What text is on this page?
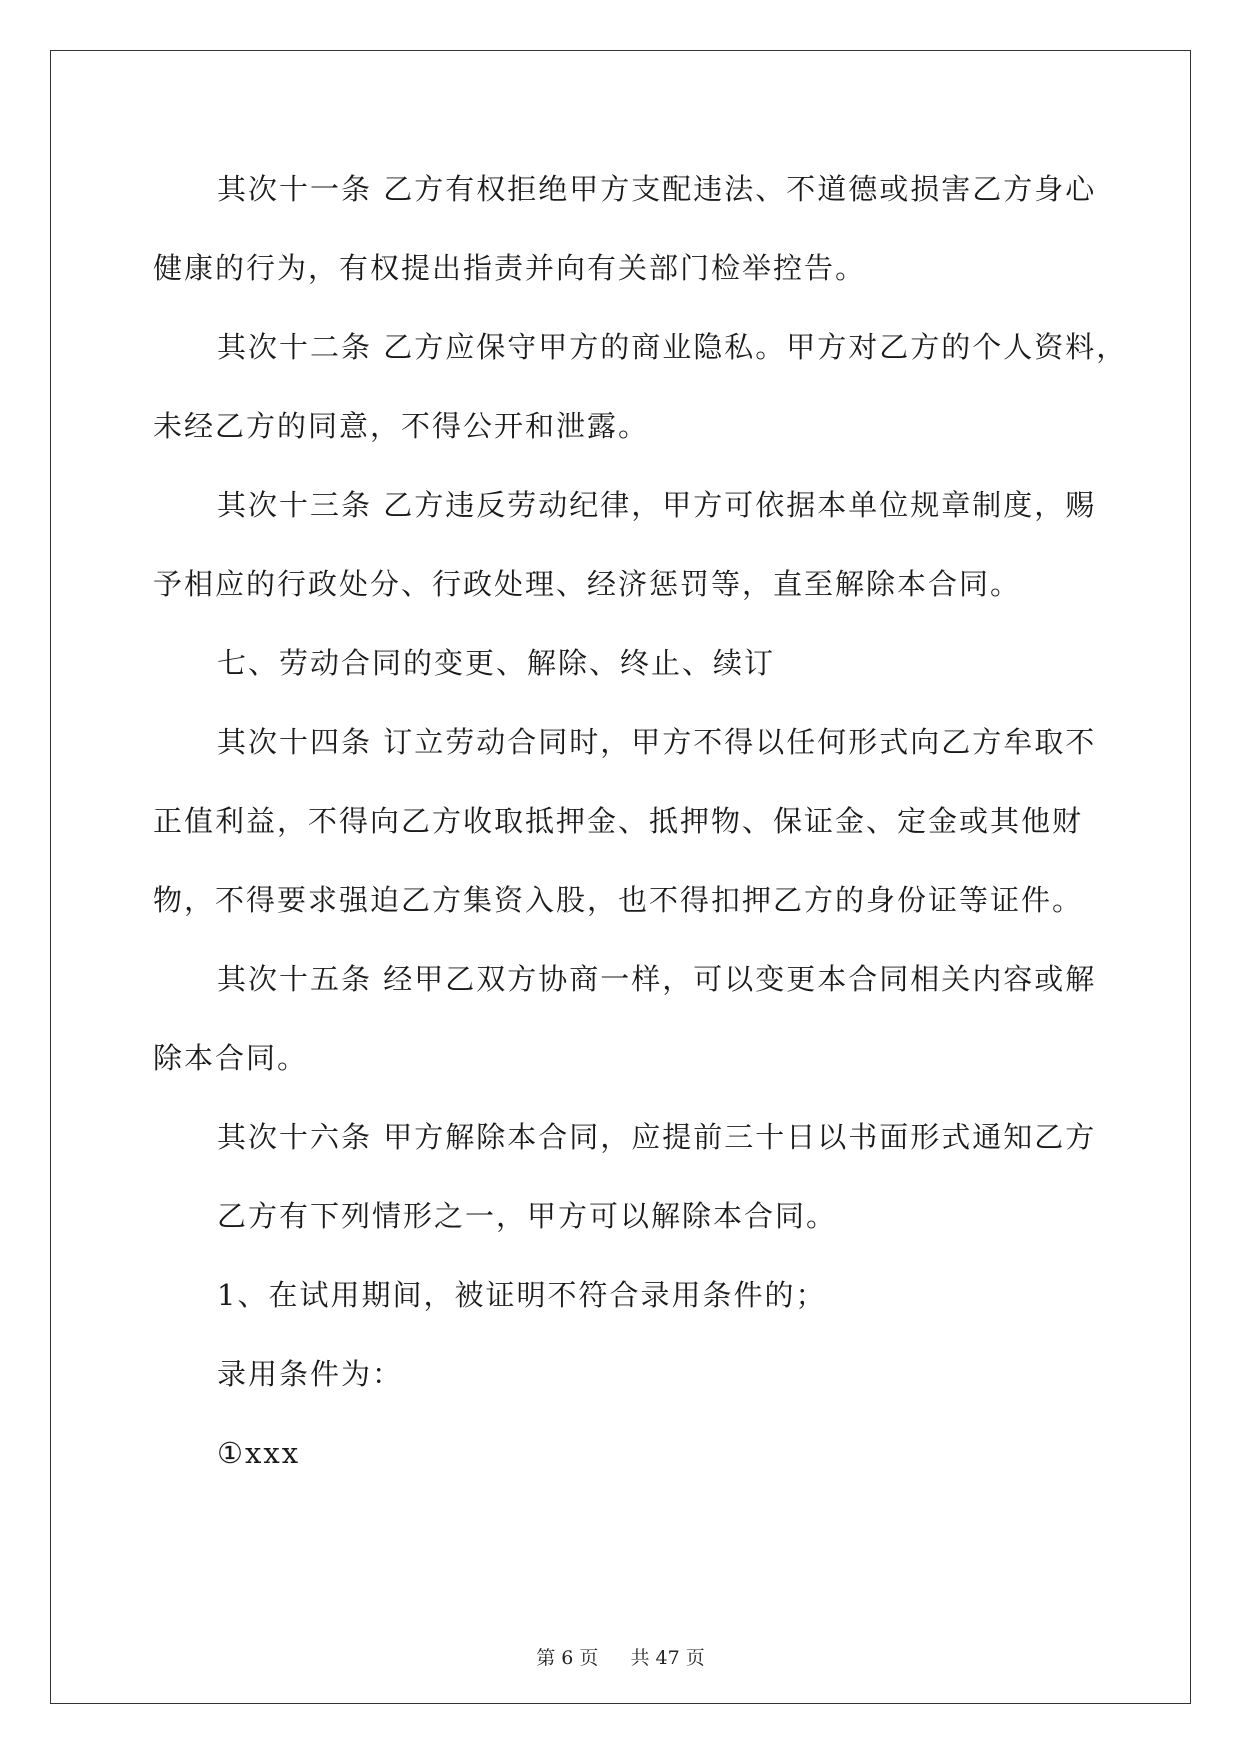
其次十一条 乙方有权拒绝甲方支配违法、不道德或损害乙方身心

健康的行为，有权提出指责并向有关部门检举控告。

其次十二条 乙方应保守甲方的商业隐私。甲方对乙方的个人资料，

未经乙方的同意，不得公开和泄露。

其次十三条 乙方违反劳动纪律，甲方可依据本单位规章制度，赐

予相应的行政处分、行政处理、经济惩罚等，直至解除本合同。

七、劳动合同的变更、解除、终止、续订

其次十四条 订立劳动合同时，甲方不得以任何形式向乙方牟取不

正值利益，不得向乙方收取抵押金、抵押物、保证金、定金或其他财

物，不得要求强迫乙方集资入股，也不得扣押乙方的身份证等证件。

其次十五条 经甲乙双方协商一样，可以变更本合同相关内容或解

除本合同。

其次十六条 甲方解除本合同，应提前三十日以书面形式通知乙方

乙方有下列情形之一，甲方可以解除本合同。

1、在试用期间，被证明不符合录用条件的；

录用条件为：

①xxx

第 6 页 共 47 页
